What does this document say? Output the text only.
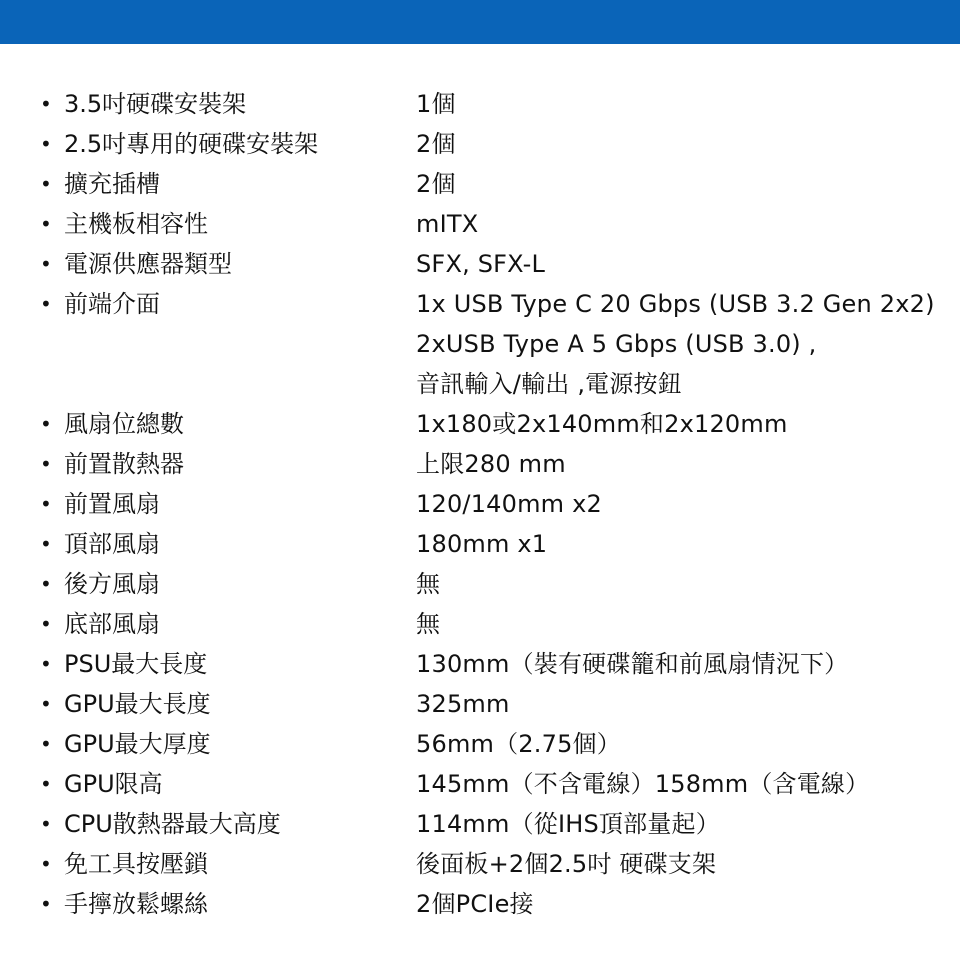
• 3.5吋硬碟安裝架	1個
• 2.5吋專用的硬碟安裝架	2個
• 擴充插槽	2個
• 主機板相容性	mITX
• 電源供應器類型	SFX, SFX-L
• 前端介面	1x USB Type C 20 Gbps (USB 3.2 Gen 2x2)
2xUSB Type A 5 Gbps (USB 3.0) ,
音訊輸入/輸出 ,電源按鈕
• 風扇位總數	1x180或2x140mm和2x120mm
• 前置散熱器	上限280 mm
• 前置風扇	120/140mm x2
• 頂部風扇	180mm x1
• 後方風扇	無
• 底部風扇	無
• PSU最大長度	130mm（裝有硬碟籠和前風扇情況下）
• GPU最大長度	325mm
• GPU最大厚度	56mm（2.75個）
• GPU限高	145mm（不含電線）158mm（含電線）
• CPU散熱器最大高度	114mm（從IHS頂部量起）
• 免工具按壓鎖	後面板+2個2.5吋 硬碟支架
• 手擰放鬆螺絲	2個PCIe接
